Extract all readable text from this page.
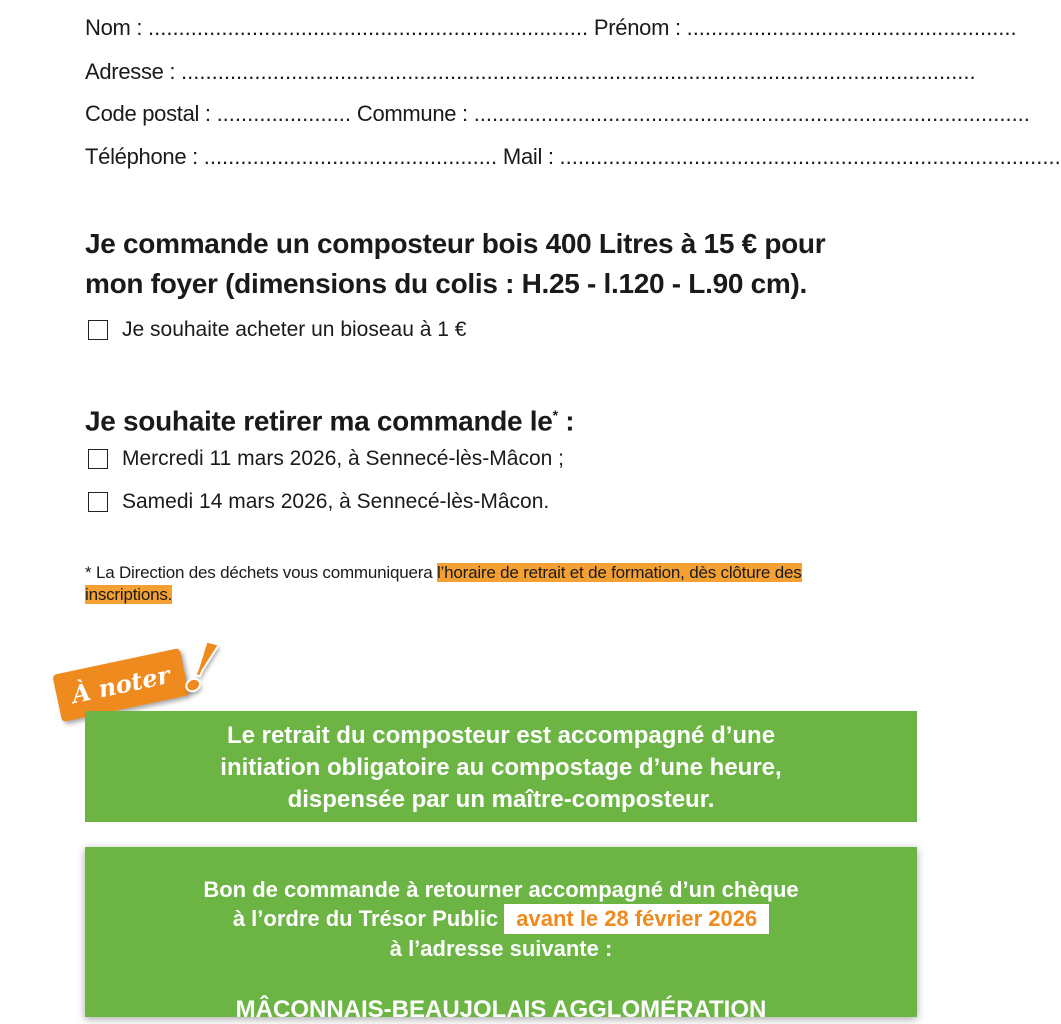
Nom : ........................................................................ Prénom : ......................................................
Adresse : ..................................................................................................................................
Code postal : ...................... Commune : ...........................................................................................
Téléphone : ................................................ Mail : ..................................................................................
Je commande un composteur bois 400 Litres à 15 € pour
mon foyer (dimensions du colis : H.25 - l.120 - L.90 cm).
Je souhaite acheter un bioseau à 1 €
Je souhaite retirer ma commande le* :
Mercredi 11 mars 2026, à Sennecé-lès-Mâcon ;
Samedi 14 mars 2026, à Sennecé-lès-Mâcon.
* La Direction des déchets vous communiquera l’horaire de retrait et de formation, dès clôture des
inscriptions.
À noter !
Le retrait du composteur est accompagné d’une
initiation obligatoire au compostage d’une heure,
dispensée par un maître-composteur.
Bon de commande à retourner accompagné d’un chèque
à l’ordre du Trésor Public avant le 28 février 2026
à l’adresse suivante :
MÂCONNAIS-BEAUJOLAIS AGGLOMÉRATION
